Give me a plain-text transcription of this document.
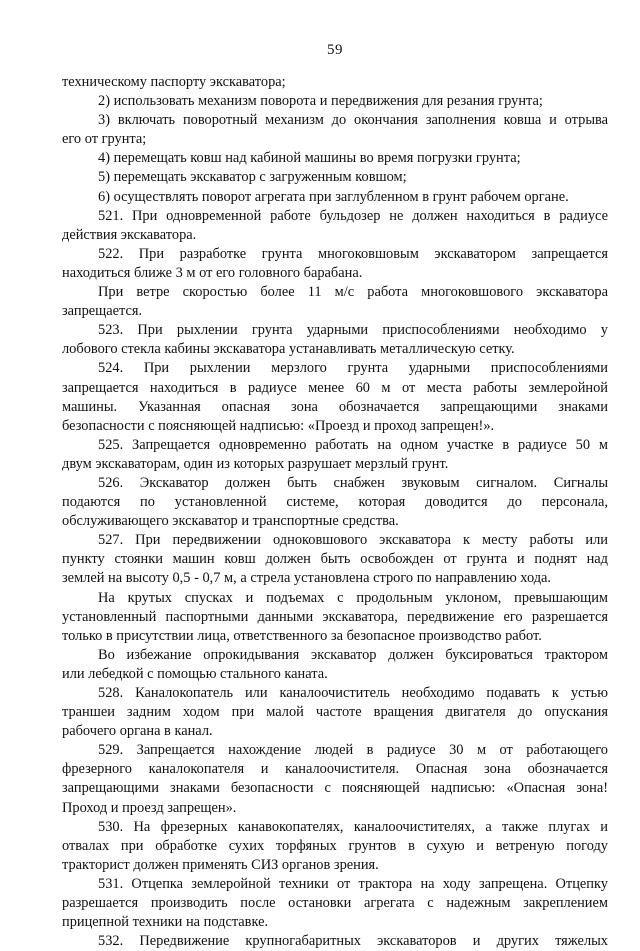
59
техническому паспорту экскаватора;
2) использовать механизм поворота и передвижения для резания грунта;
3) включать поворотный механизм до окончания заполнения ковша и отрыва
его от грунта;
4) перемещать ковш над кабиной машины во время погрузки грунта;
5) перемещать экскаватор с загруженным ковшом;
6) осуществлять поворот агрегата при заглубленном в грунт рабочем органе.
521. При одновременной работе бульдозер не должен находиться в радиусе
действия экскаватора.
522. При разработке грунта многоковшовым экскаватором запрещается
находиться ближе 3 м от его головного барабана.
При ветре скоростью более 11 м/с работа многоковшового экскаватора
запрещается.
523. При рыхлении грунта ударными приспособлениями необходимо у
лобового стекла кабины экскаватора устанавливать металлическую сетку.
524. При рыхлении мерзлого грунта ударными приспособлениями
запрещается находиться в радиусе менее 60 м от места работы землеройной
машины. Указанная опасная зона обозначается запрещающими знаками
безопасности с поясняющей надписью: «Проезд и проход запрещен!».
525. Запрещается одновременно работать на одном участке в радиусе 50 м
двум экскаваторам, один из которых разрушает мерзлый грунт.
526. Экскаватор должен быть снабжен звуковым сигналом. Сигналы
подаются по установленной системе, которая доводится до персонала,
обслуживающего экскаватор и транспортные средства.
527. При передвижении одноковшового экскаватора к месту работы или
пункту стоянки машин ковш должен быть освобожден от грунта и поднят над
землей на высоту 0,5 - 0,7 м, а стрела установлена строго по направлению хода.
На крутых спусках и подъемах с продольным уклоном, превышающим
установленный паспортными данными экскаватора, передвижение его разрешается
только в присутствии лица, ответственного за безопасное производство работ.
Во избежание опрокидывания экскаватор должен буксироваться трактором
или лебедкой с помощью стального каната.
528. Каналокопатель или каналоочиститель необходимо подавать к устью
траншеи задним ходом при малой частоте вращения двигателя до опускания
рабочего органа в канал.
529. Запрещается нахождение людей в радиусе 30 м от работающего
фрезерного каналокопателя и каналоочистителя. Опасная зона обозначается
запрещающими знаками безопасности с поясняющей надписью: «Опасная зона!
Проход и проезд запрещен».
530. На фрезерных канавокопателях, каналоочистителях, а также плугах и
отвалах при обработке сухих торфяных грунтов в сухую и ветреную погоду
тракторист должен применять СИЗ органов зрения.
531. Отцепка землеройной техники от трактора на ходу запрещена. Отцепку
разрешается производить после остановки агрегата с надежным закреплением
прицепной техники на подставке.
532. Передвижение крупногабаритных экскаваторов и других тяжелых
